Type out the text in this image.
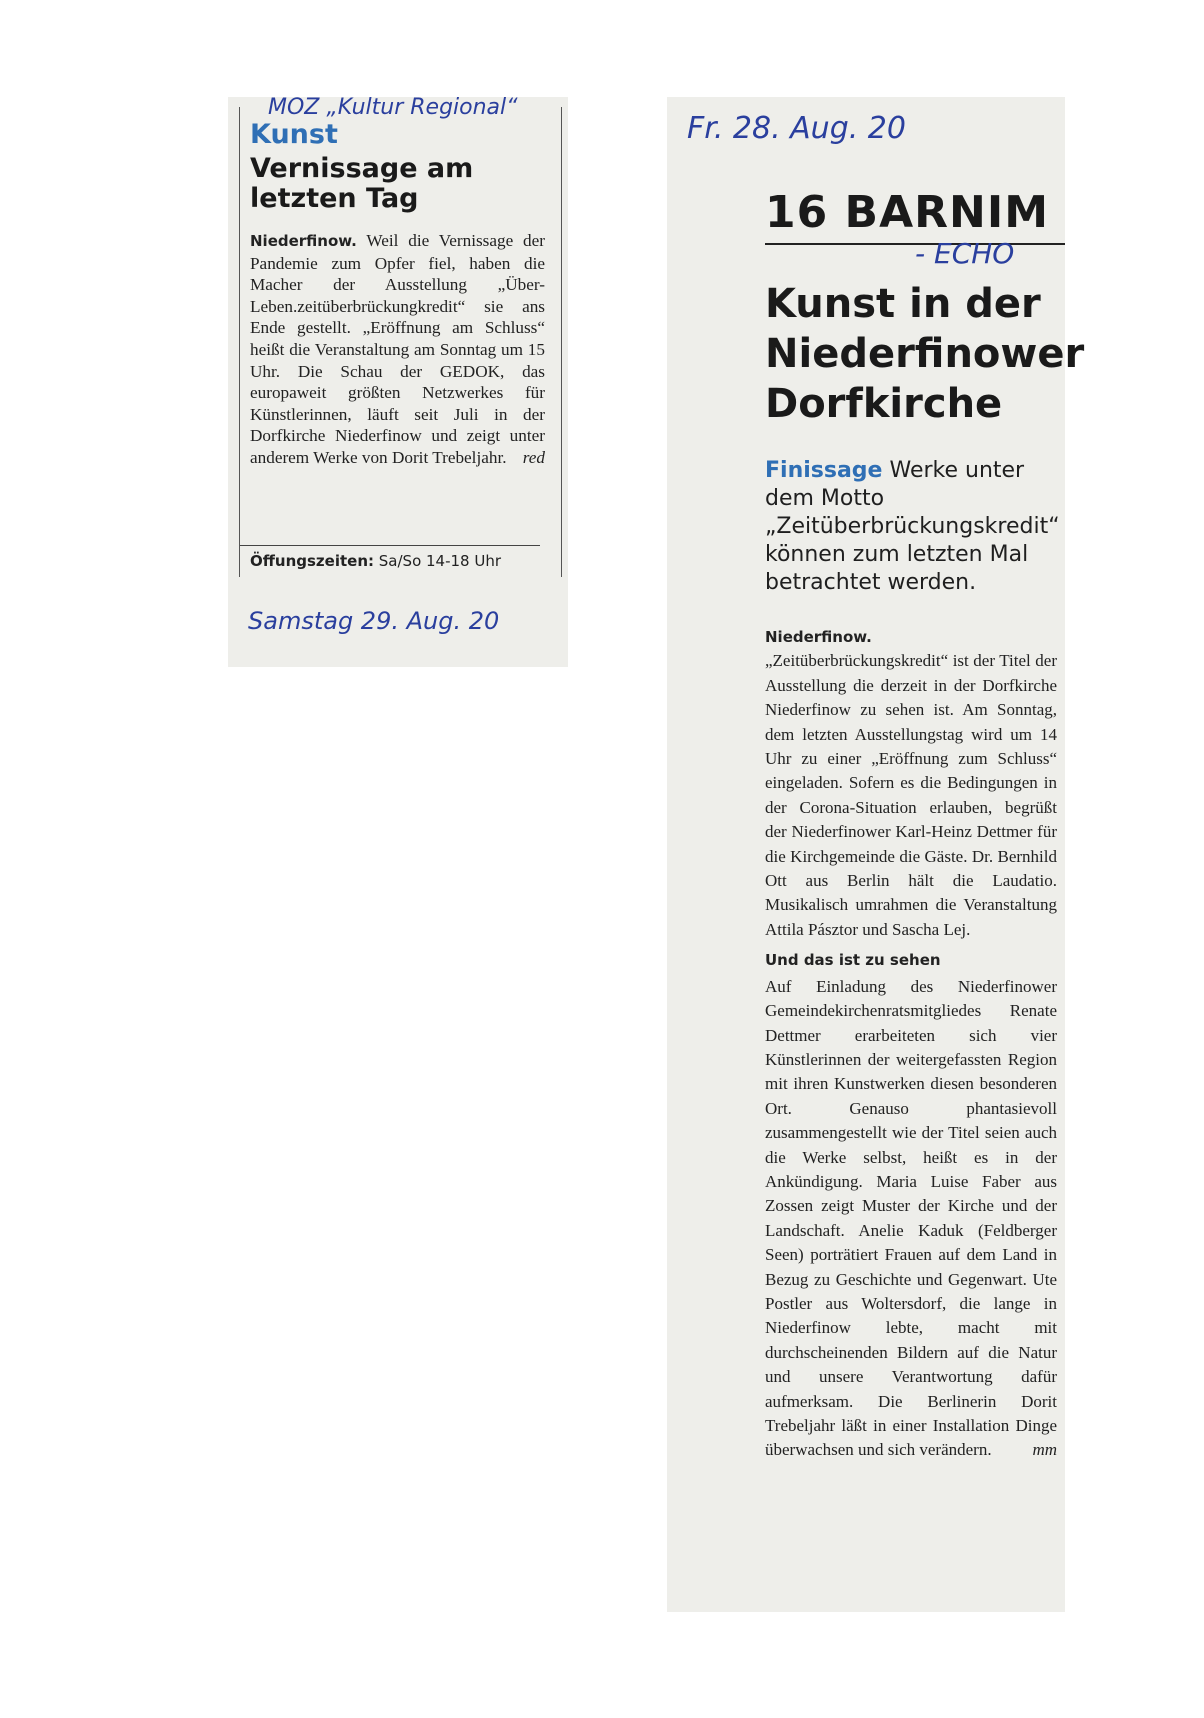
MOZ „Kultur Regional“
Kunst
Vernissage am letzten Tag
Niederfinow. Weil die Vernissage der Pandemie zum Opfer fiel, haben die Macher der Ausstellung „Über-Leben.zeitüberbrückungkredit“ sie ans Ende gestellt. „Eröffnung am Schluss“ heißt die Veranstaltung am Sonntag um 15 Uhr. Die Schau der GEDOK, das europaweit größten Netzwerkes für Künstlerinnen, läuft seit Juli in der Dorfkirche Niederfinow und zeigt unter anderem Werke von Dorit Trebeljahr. red
Öffungszeiten: Sa/So 14-18 Uhr
Samstag 29. Aug. 20
Fr. 28. Aug. 20
16 BARNIM
- ECHO
Kunst in der Niederfinower Dorfkirche
Finissage Werke unter dem Motto „Zeitüberbrückungskredit“ können zum letzten Mal betrachtet werden.

Niederfinow. „Zeitüberbrückungskredit“ ist der Titel der Ausstellung die derzeit in der Dorfkirche Niederfinow zu sehen ist. Am Sonntag, dem letzten Ausstellungstag wird um 14 Uhr zu einer „Eröffnung zum Schluss“ eingeladen. Sofern es die Bedingungen in der Corona-Situation erlauben, begrüßt der Niederfinower Karl-Heinz Dettmer für die Kirchgemeinde die Gäste. Dr. Bernhild Ott aus Berlin hält die Laudatio. Musikalisch umrahmen die Veranstaltung Attila Pásztor und Sascha Lej.

Und das ist zu sehen

Auf Einladung des Niederfinower Gemeindekirchenratsmitgliedes Renate Dettmer erarbeiteten sich vier Künstlerinnen der weitergefassten Region mit ihren Kunstwerken diesen besonderen Ort. Genauso phantasievoll zusammengestellt wie der Titel seien auch die Werke selbst, heißt es in der Ankündigung. Maria Luise Faber aus Zossen zeigt Muster der Kirche und der Landschaft. Anelie Kaduk (Feldberger Seen) porträtiert Frauen auf dem Land in Bezug zu Geschichte und Gegenwart. Ute Postler aus Woltersdorf, die lange in Niederfinow lebte, macht mit durchscheinenden Bildern auf die Natur und unsere Verantwortung dafür aufmerksam. Die Berlinerin Dorit Trebeljahr läßt in einer Installation Dinge überwachsen und sich verändern. mm
